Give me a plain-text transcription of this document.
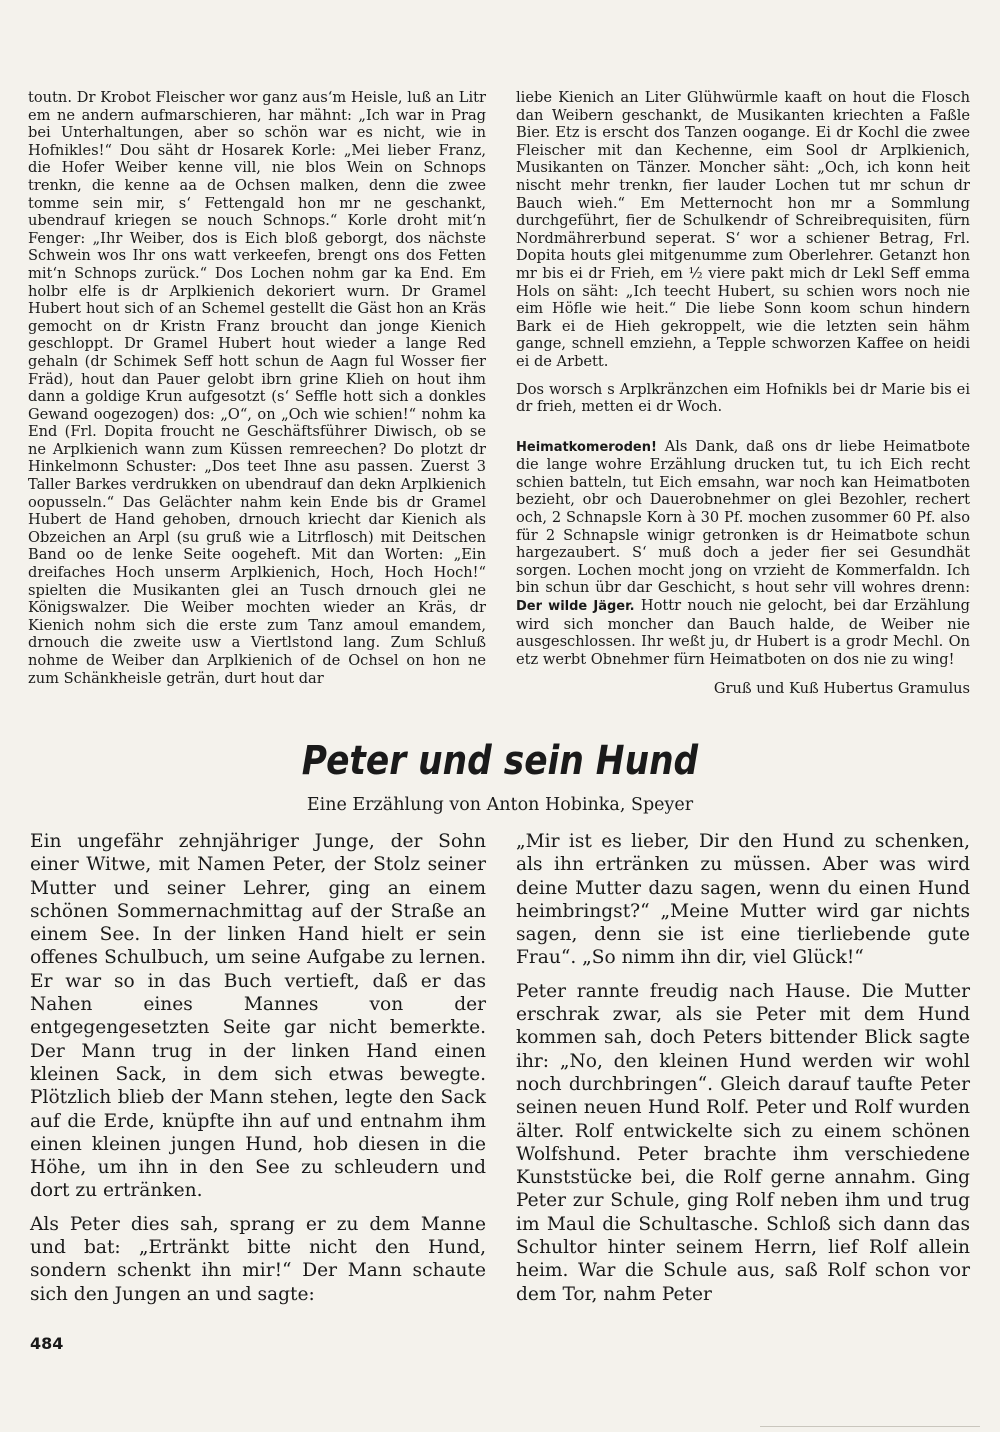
toutn. Dr Krobot Fleischer wor ganz aus‘m Heisle, luß an Litr em ne andern aufmarschieren, har mähnt: „Ich war in Prag bei Unterhaltungen, aber so schön war es nicht, wie in Hofnikles!“ Dou säht dr Hosarek Korle: „Mei lieber Franz, die Hofer Weiber kenne vill, nie blos Wein on Schnops trenkn, die kenne aa de Ochsen malken, denn die zwee tomme sein mir, s‘ Fettengald hon mr ne geschankt, ubendrauf kriegen se nouch Schnops.“ Korle droht mit‘n Fenger: „Ihr Weiber, dos is Eich bloß geborgt, dos nächste Schwein wos Ihr ons watt verkeefen, brengt ons dos Fetten mit‘n Schnops zurück.“ Dos Lochen nohm gar ka End. Em holbr elfe is dr Arplkienich dekoriert wurn. Dr Gramel Hubert hout sich of an Schemel gestellt die Gäst hon an Kräs gemocht on dr Kristn Franz broucht dan jonge Kienich geschloppt. Dr Gramel Hubert hout wieder a lange Red gehaln (dr Schimek Seff hott schun de Aagn ful Wosser fier Fräd), hout dan Pauer gelobt ibrn grine Klieh on hout ihm dann a goldige Krun aufgesotzt (s‘ Seffle hott sich a donkles Gewand oogezogen) dos: „O“, on „Och wie schien!“ nohm ka End (Frl. Dopita froucht ne Geschäftsführer Diwisch, ob se ne Arplkienich wann zum Küssen remreechen? Do plotzt dr Hinkelmonn Schuster: „Dos teet Ihne asu passen. Zuerst 3 Taller Barkes verdrukken on ubendrauf dan dekn Arplkienich oopusseln.“ Das Gelächter nahm kein Ende bis dr Gramel Hubert de Hand gehoben, drnouch kriecht dar Kienich als Obzeichen an Arpl (su gruß wie a Litrflosch) mit Deitschen Band oo de lenke Seite oogeheft. Mit dan Worten: „Ein dreifaches Hoch unserm Arplkienich, Hoch, Hoch Hoch!“ spielten die Musikanten glei an Tusch drnouch glei ne Königswalzer. Die Weiber mochten wieder an Kräs, dr Kienich nohm sich die erste zum Tanz amoul emandem, drnouch die zweite usw a Viertlstond lang. Zum Schluß nohme de Weiber dan Arplkienich of de Ochsel on hon ne zum Schänkheisle geträn, durt hout dar

liebe Kienich an Liter Glühwürmle kaaft on hout die Flosch dan Weibern geschankt, de Musikanten kriechten a Faßle Bier. Etz is erscht dos Tanzen oogange. Ei dr Kochl die zwee Fleischer mit dan Kechenne, eim Sool dr Arplkienich, Musikanten on Tänzer. Moncher säht: „Och, ich konn heit nischt mehr trenkn, fier lauder Lochen tut mr schun dr Bauch wieh.“ Em Metternocht hon mr a Sommlung durchgeführt, fier de Schulkendr of Schreibrequisiten, fürn Nordmährerbund seperat. S‘ wor a schiener Betrag, Frl. Dopita houts glei mitgenumme zum Oberlehrer. Getanzt hon mr bis ei dr Frieh, em ½ viere pakt mich dr Lekl Seff emma Hols on säht: „Ich teecht Hubert, su schien wors noch nie eim Höfle wie heit.“ Die liebe Sonn koom schun hindern Bark ei de Hieh gekroppelt, wie die letzten sein hähm gange, schnell emziehn, a Tepple schworzen Kaffee on heidi ei de Arbett.

Dos worsch s Arplkränzchen eim Hofnikls bei dr Marie bis ei dr frieh, metten ei dr Woch.

Heimatkomeroden! Als Dank, daß ons dr liebe Heimatbote die lange wohre Erzählung drucken tut, tu ich Eich recht schien batteln, tut Eich emsahn, war noch kan Heimatboten bezieht, obr och Dauerobnehmer on glei Bezohler, rechert och, 2 Schnapsle Korn à 30 Pf. mochen zusommer 60 Pf. also für 2 Schnapsle winigr getronken is dr Heimatbote schun hargezaubert. S‘ muß doch a jeder fier sei Gesundhät sorgen. Lochen mocht jong on vrzieht de Kommerfaldn. Ich bin schun übr dar Geschicht, s hout sehr vill wohres drenn: Der wilde Jäger. Hottr nouch nie gelocht, bei dar Erzählung wird sich moncher dan Bauch halde, de Weiber nie ausgeschlossen. Ihr weßt ju, dr Hubert is a grodr Mechl. On etz werbt Obnehmer fürn Heimatboten on dos nie zu wing!

Gruß und Kuß Hubertus Gramulus

Peter und sein Hund
Eine Erzählung von Anton Hobinka, Speyer

Ein ungefähr zehnjähriger Junge, der Sohn einer Witwe, mit Namen Peter, der Stolz seiner Mutter und seiner Lehrer, ging an einem schönen Sommernachmittag auf der Straße an einem See. In der linken Hand hielt er sein offenes Schulbuch, um seine Aufgabe zu lernen. Er war so in das Buch vertieft, daß er das Nahen eines Mannes von der entgegengesetzten Seite gar nicht bemerkte. Der Mann trug in der linken Hand einen kleinen Sack, in dem sich etwas bewegte. Plötzlich blieb der Mann stehen, legte den Sack auf die Erde, knüpfte ihn auf und entnahm ihm einen kleinen jungen Hund, hob diesen in die Höhe, um ihn in den See zu schleudern und dort zu ertränken.

Als Peter dies sah, sprang er zu dem Manne und bat: „Ertränkt bitte nicht den Hund, sondern schenkt ihn mir!“ Der Mann schaute sich den Jungen an und sagte:

„Mir ist es lieber, Dir den Hund zu schenken, als ihn ertränken zu müssen. Aber was wird deine Mutter dazu sagen, wenn du einen Hund heimbringst?“ „Meine Mutter wird gar nichts sagen, denn sie ist eine tierliebende gute Frau“. „So nimm ihn dir, viel Glück!“

Peter rannte freudig nach Hause. Die Mutter erschrak zwar, als sie Peter mit dem Hund kommen sah, doch Peters bittender Blick sagte ihr: „No, den kleinen Hund werden wir wohl noch durchbringen“. Gleich darauf taufte Peter seinen neuen Hund Rolf. Peter und Rolf wurden älter. Rolf entwickelte sich zu einem schönen Wolfshund. Peter brachte ihm verschiedene Kunststücke bei, die Rolf gerne annahm. Ging Peter zur Schule, ging Rolf neben ihm und trug im Maul die Schultasche. Schloß sich dann das Schultor hinter seinem Herrn, lief Rolf allein heim. War die Schule aus, saß Rolf schon vor dem Tor, nahm Peter

484
